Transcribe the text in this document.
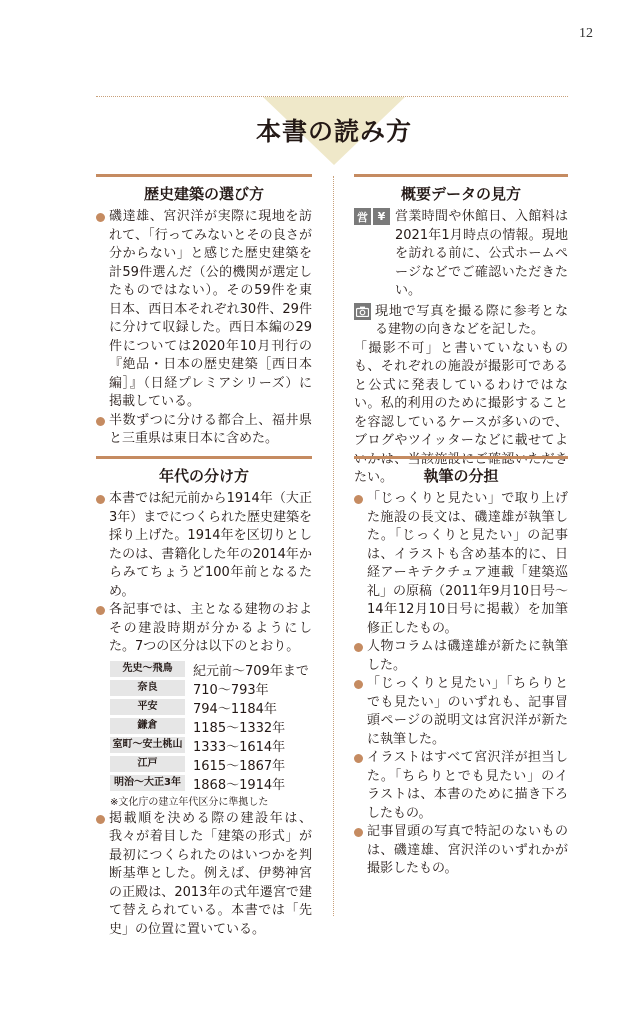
12
本書の読み方
歴史建築の選び方
磯達雄、宮沢洋が実際に現地を訪れて、「行ってみないとその良さが分からない」と感じた歴史建築を計59件選んだ（公的機関が選定したものではない）。その59件を東日本、西日本それぞれ30件、29件に分けて収録した。西日本編の29件については2020年10月刊行の『絶品・日本の歴史建築［西日本編］』（日経プレミアシリーズ）に掲載している。
半数ずつに分ける都合上、福井県と三重県は東日本に含めた。
年代の分け方
本書では紀元前から1914年（大正3年）までにつくられた歴史建築を採り上げた。1914年を区切りとしたのは、書籍化した年の2014年からみてちょうど100年前となるため。
各記事では、主となる建物のおよその建設時期が分かるようにした。7つの区分は以下のとおり。
先史～飛鳥	紀元前～709年まで
奈良	710～793年
平安	794～1184年
鎌倉	1185～1332年
室町～安土桃山 1333～1614年
江戸	1615～1867年
明治～大正3年 1868～1914年
※文化庁の建立年代区分に準拠した
掲載順を決める際の建設年は、我々が着目した「建築の形式」が最初につくられたのはいつかを判断基準とした。例えば、伊勢神宮の正殿は、2013年の式年遷宮で建て替えられている。本書では「先史」の位置に置いている。
概要データの見方
営 ¥ 営業時間や休館日、入館料は2021年1月時点の情報。現地を訪れる前に、公式ホームページなどでご確認いただきたい。
現地で写真を撮る際に参考となる建物の向きなどを記した。
「撮影不可」と書いていないものも、それぞれの施設が撮影可であると公式に発表しているわけではない。私的利用のために撮影することを容認しているケースが多いので、ブログやツイッターなどに載せてよいかは、当該施設にご確認いただきたい。	執筆の分担
「じっくりと見たい」で取り上げた施設の長文は、磯達雄が執筆した。「じっくりと見たい」の記事は、イラストも含め基本的に、日経アーキテクチュア連載「建築巡礼」の原稿（2011年9月10日号～14年12月10日号に掲載）を加筆修正したもの。
人物コラムは磯達雄が新たに執筆した。
「じっくりと見たい」「ちらりとでも見たい」のいずれも、記事冒頭ページの説明文は宮沢洋が新たに執筆した。
イラストはすべて宮沢洋が担当した。「ちらりとでも見たい」のイラストは、本書のために描き下ろしたもの。
記事冒頭の写真で特記のないものは、磯達雄、宮沢洋のいずれかが撮影したもの。
